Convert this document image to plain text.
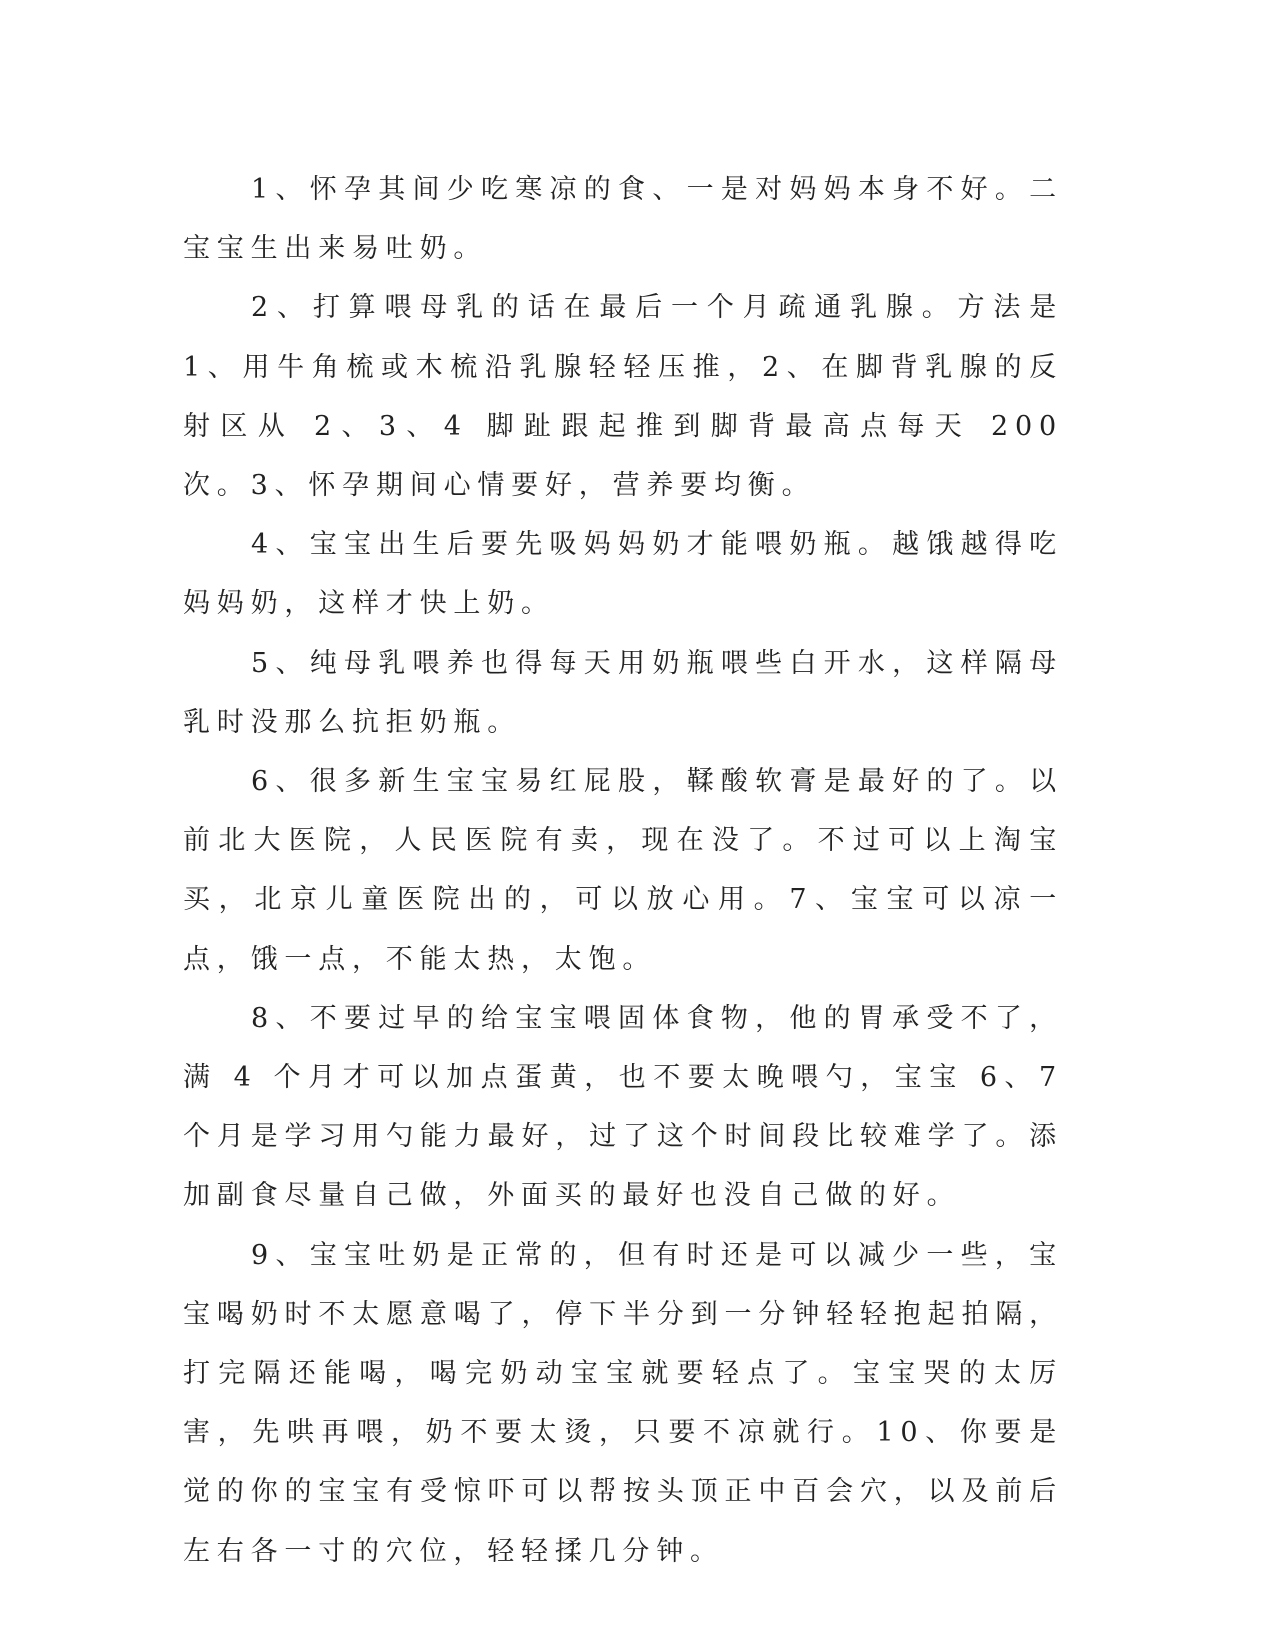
1、怀孕其间少吃寒凉的食、一是对妈妈本身不好。二宝宝生出来易吐奶。

2、打算喂母乳的话在最后一个月疏通乳腺。方法是 1、用牛角梳或木梳沿乳腺轻轻压推，2、在脚背乳腺的反射区从 2、3、4 脚趾跟起推到脚背最高点每天 200 次。3、怀孕期间心情要好，营养要均衡。

4、宝宝出生后要先吸妈妈奶才能喂奶瓶。越饿越得吃妈妈奶，这样才快上奶。

5、纯母乳喂养也得每天用奶瓶喂些白开水，这样隔母乳时没那么抗拒奶瓶。

6、很多新生宝宝易红屁股，鞣酸软膏是最好的了。以前北大医院，人民医院有卖，现在没了。不过可以上淘宝买，北京儿童医院出的，可以放心用。7、宝宝可以凉一点，饿一点，不能太热，太饱。

8、不要过早的给宝宝喂固体食物，他的胃承受不了，满 4 个月才可以加点蛋黄，也不要太晚喂勺，宝宝 6、7 个月是学习用勺能力最好，过了这个时间段比较难学了。添加副食尽量自己做，外面买的最好也没自己做的好。

9、宝宝吐奶是正常的，但有时还是可以减少一些，宝宝喝奶时不太愿意喝了，停下半分到一分钟轻轻抱起拍隔，打完隔还能喝，喝完奶动宝宝就要轻点了。宝宝哭的太厉害，先哄再喂，奶不要太烫，只要不凉就行。10、你要是觉的你的宝宝有受惊吓可以帮按头顶正中百会穴，以及前后左右各一寸的穴位，轻轻揉几分钟。
